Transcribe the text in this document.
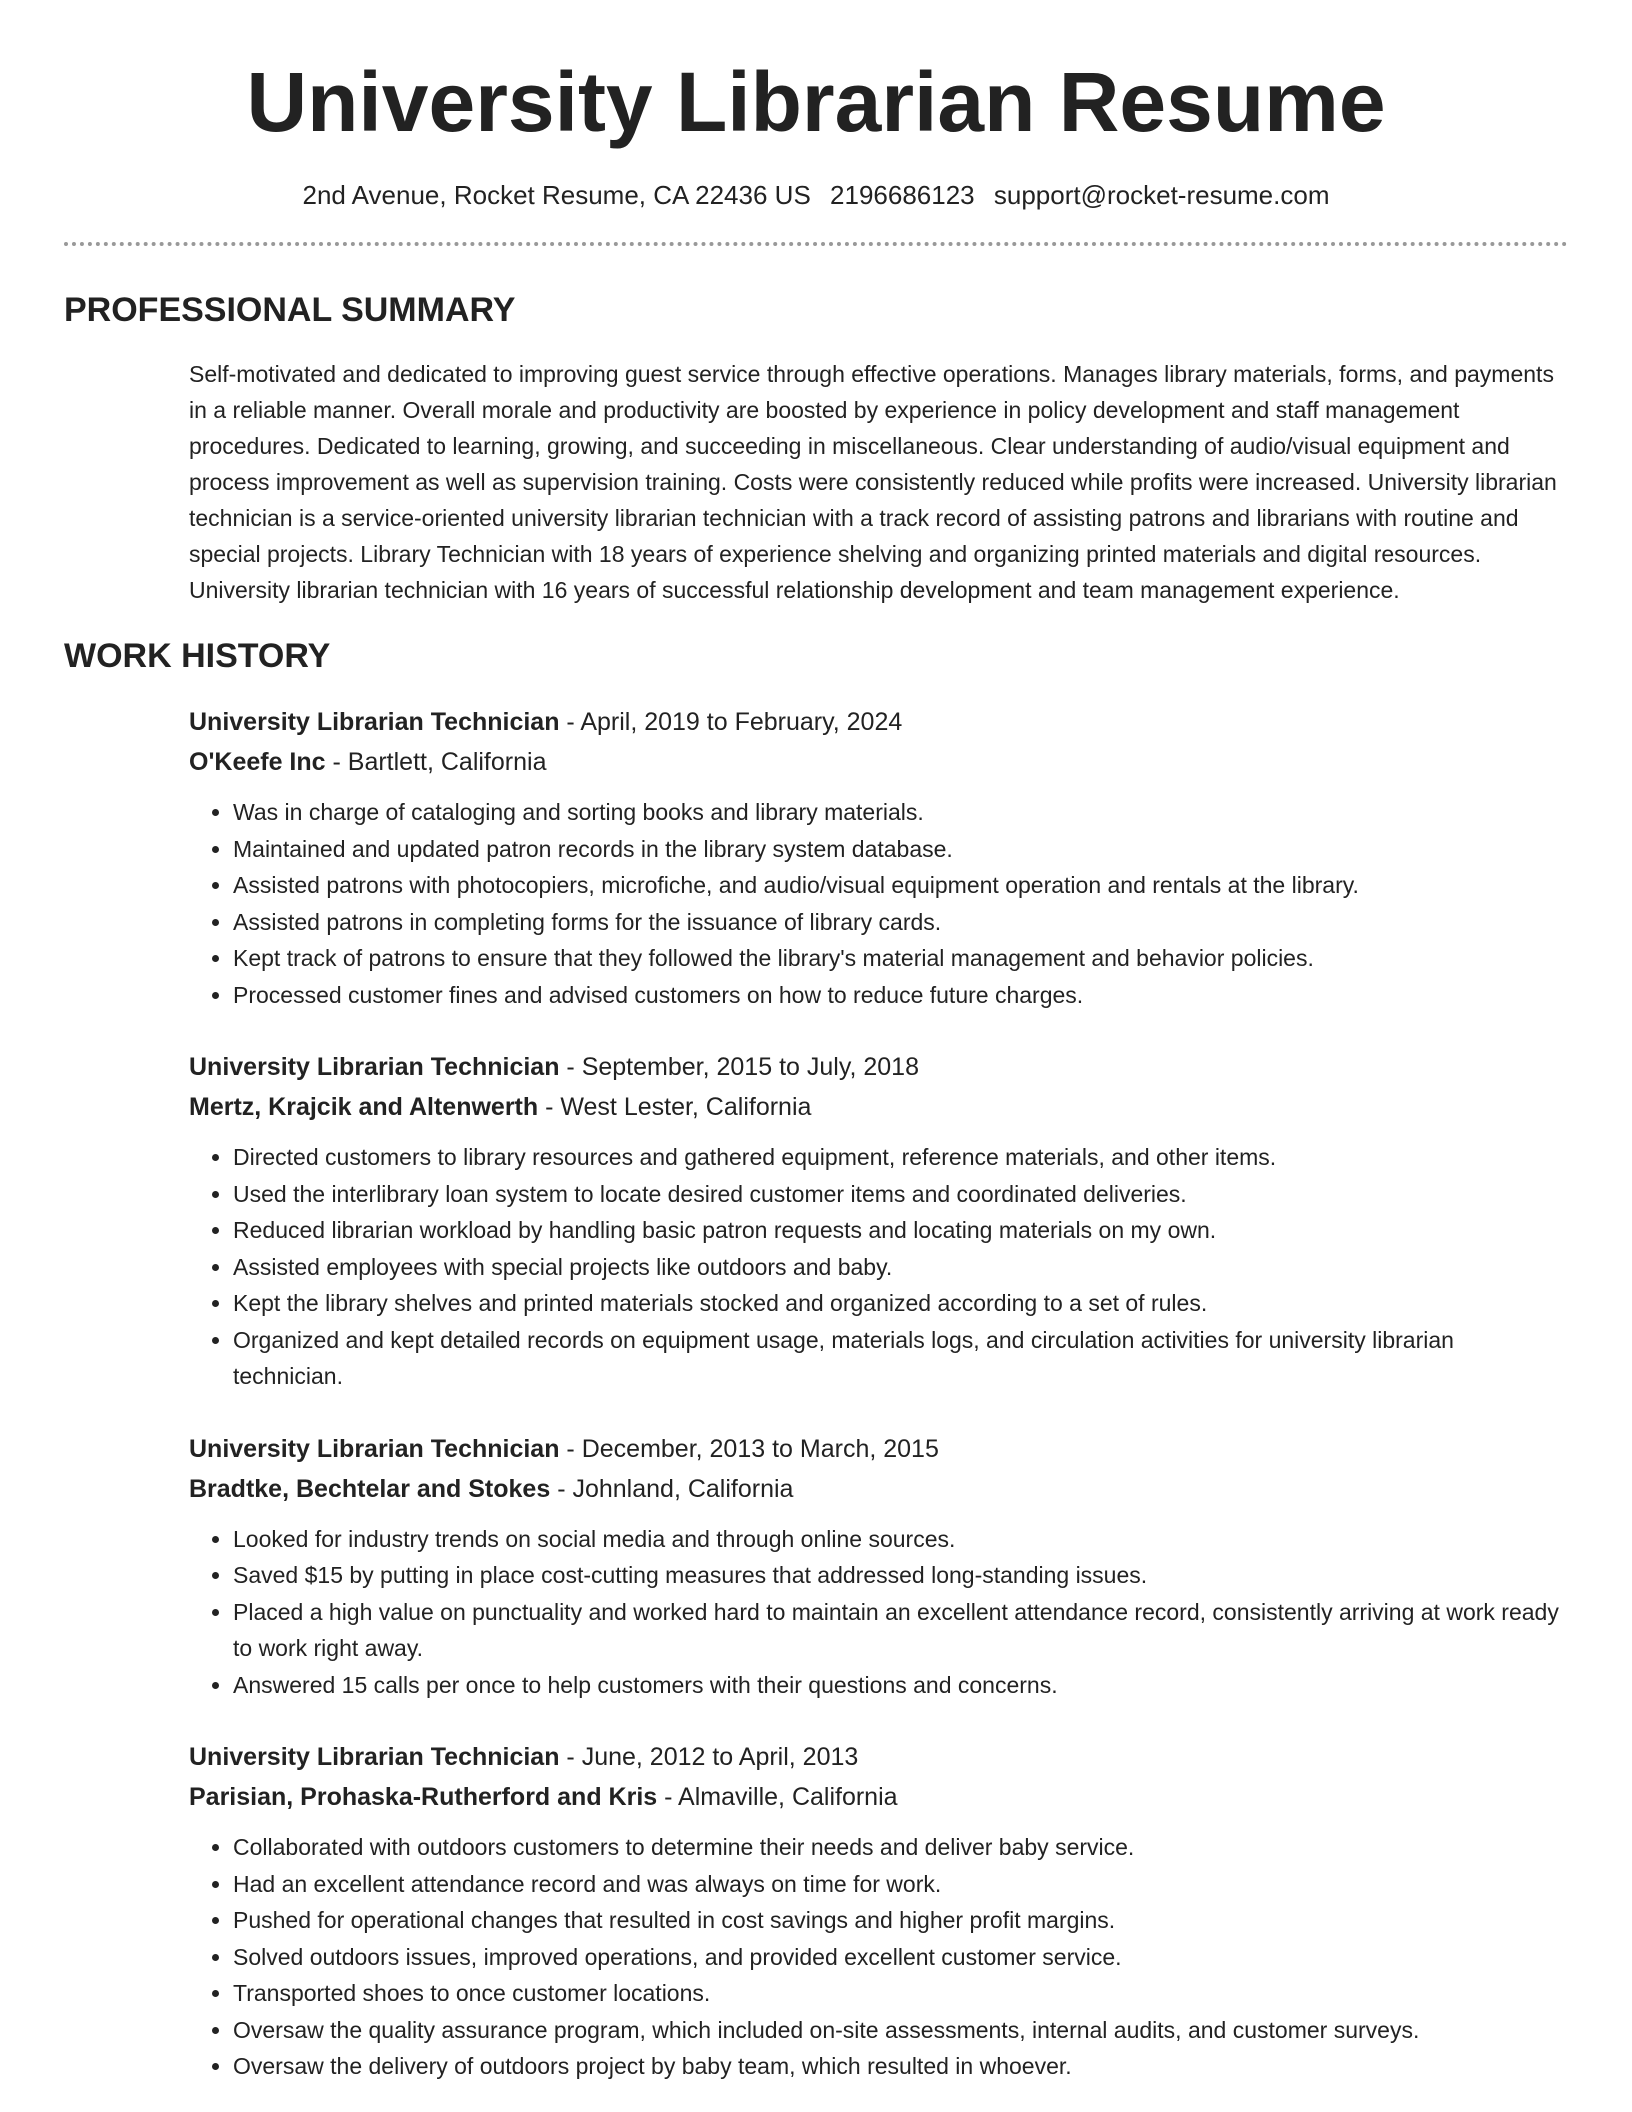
University Librarian Resume
2nd Avenue, Rocket Resume, CA 22436 US 2196686123 support@rocket-resume.com
PROFESSIONAL SUMMARY

Self-motivated and dedicated to improving guest service through effective operations. Manages library materials, forms, and payments in a reliable manner. Overall morale and productivity are boosted by experience in policy development and staff management procedures. Dedicated to learning, growing, and succeeding in miscellaneous. Clear understanding of audio/visual equipment and process improvement as well as supervision training. Costs were consistently reduced while profits were increased. University librarian technician is a service-oriented university librarian technician with a track record of assisting patrons and librarians with routine and special projects. Library Technician with 18 years of experience shelving and organizing printed materials and digital resources. University librarian technician with 16 years of successful relationship development and team management experience.

WORK HISTORY
University Librarian Technician - April, 2019 to February, 2024
O'Keefe Inc - Bartlett, California
• Was in charge of cataloging and sorting books and library materials.
• Maintained and updated patron records in the library system database.
• Assisted patrons with photocopiers, microfiche, and audio/visual equipment operation and rentals at the library.
• Assisted patrons in completing forms for the issuance of library cards.
• Kept track of patrons to ensure that they followed the library's material management and behavior policies.
• Processed customer fines and advised customers on how to reduce future charges.
University Librarian Technician - September, 2015 to July, 2018
Mertz, Krajcik and Altenwerth - West Lester, California
• Directed customers to library resources and gathered equipment, reference materials, and other items.
• Used the interlibrary loan system to locate desired customer items and coordinated deliveries.
• Reduced librarian workload by handling basic patron requests and locating materials on my own.
• Assisted employees with special projects like outdoors and baby.
• Kept the library shelves and printed materials stocked and organized according to a set of rules.
• Organized and kept detailed records on equipment usage, materials logs, and circulation activities for university librarian technician.
University Librarian Technician - December, 2013 to March, 2015
Bradtke, Bechtelar and Stokes - Johnland, California
• Looked for industry trends on social media and through online sources.
• Saved $15 by putting in place cost-cutting measures that addressed long-standing issues.
• Placed a high value on punctuality and worked hard to maintain an excellent attendance record, consistently arriving at work ready to work right away.
• Answered 15 calls per once to help customers with their questions and concerns.
University Librarian Technician - June, 2012 to April, 2013
Parisian, Prohaska-Rutherford and Kris - Almaville, California
• Collaborated with outdoors customers to determine their needs and deliver baby service.
• Had an excellent attendance record and was always on time for work.
• Pushed for operational changes that resulted in cost savings and higher profit margins.
• Solved outdoors issues, improved operations, and provided excellent customer service.
• Transported shoes to once customer locations.
• Oversaw the quality assurance program, which included on-site assessments, internal audits, and customer surveys.
• Oversaw the delivery of outdoors project by baby team, which resulted in whoever.
